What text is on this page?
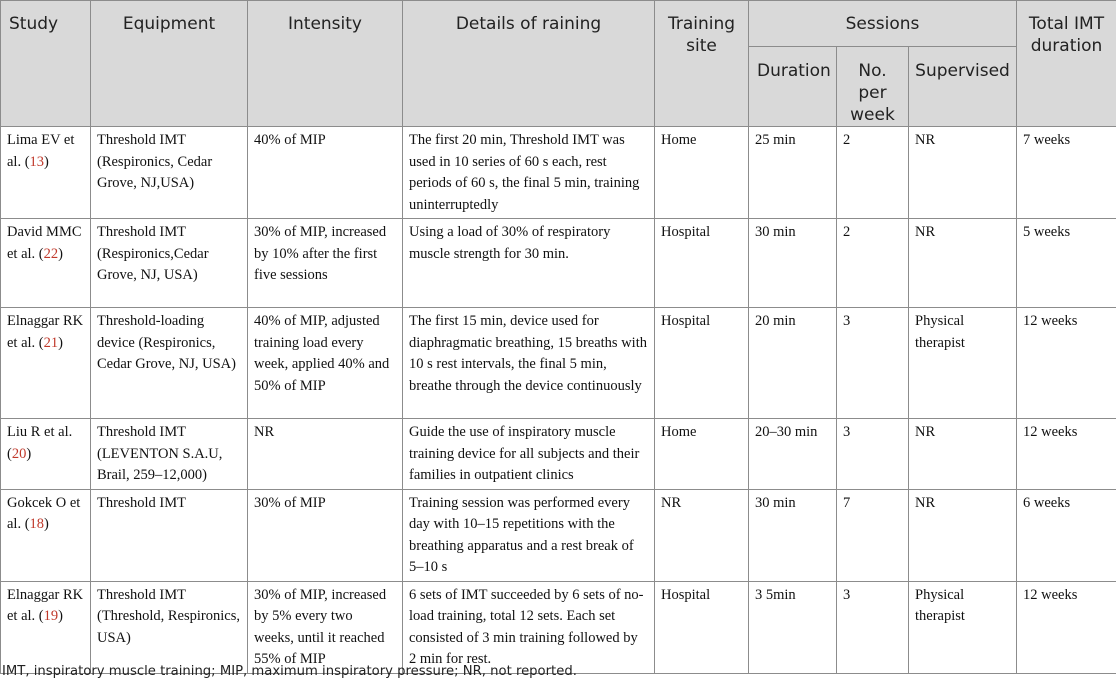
Study	Equipment	Intensity	Details of raining	Training site	Sessions			Total IMT duration
					Duration	No. per week	Supervised	
Lima EV et al. (13)	Threshold IMT (Respironics, Cedar Grove, NJ,USA)	40% of MIP	The first 20 min, Threshold IMT was used in 10 series of 60 s each, rest periods of 60 s, the final 5 min, training uninterruptedly	Home	25 min	2	NR	7 weeks
David MMC et al. (22)	Threshold IMT (Respironics,Cedar Grove, NJ, USA)	30% of MIP, increased by 10% after the first five sessions	Using a load of 30% of respiratory muscle strength for 30 min.	Hospital	30 min	2	NR	5 weeks
Elnaggar RK et al. (21)	Threshold-loading device (Respironics, Cedar Grove, NJ, USA)	40% of MIP, adjusted training load every week, applied 40% and 50% of MIP	The first 15 min, device used for diaphragmatic breathing, 15 breaths with 10 s rest intervals, the final 5 min, breathe through the device continuously	Hospital	20 min	3	Physical therapist	12 weeks
Liu R et al. (20)	Threshold IMT (LEVENTON S.A.U, Brail, 259–12,000)	NR	Guide the use of inspiratory muscle training device for all subjects and their families in outpatient clinics	Home	20–30 min	3	NR	12 weeks
Gokcek O et al. (18)	Threshold IMT	30% of MIP	Training session was performed every day with 10–15 repetitions with the breathing apparatus and a rest break of 5–10 s	NR	30 min	7	NR	6 weeks
Elnaggar RK et al. (19)	Threshold IMT (Threshold, Respironics, USA)	30% of MIP, increased by 5% every two weeks, until it reached 55% of MIP	6 sets of IMT succeeded by 6 sets of no-load training, total 12 sets. Each set consisted of 3 min training followed by 2 min for rest.	Hospital	3 5min	3	Physical therapist	12 weeks
IMT, inspiratory muscle training; MIP, maximum inspiratory pressure; NR, not reported.
